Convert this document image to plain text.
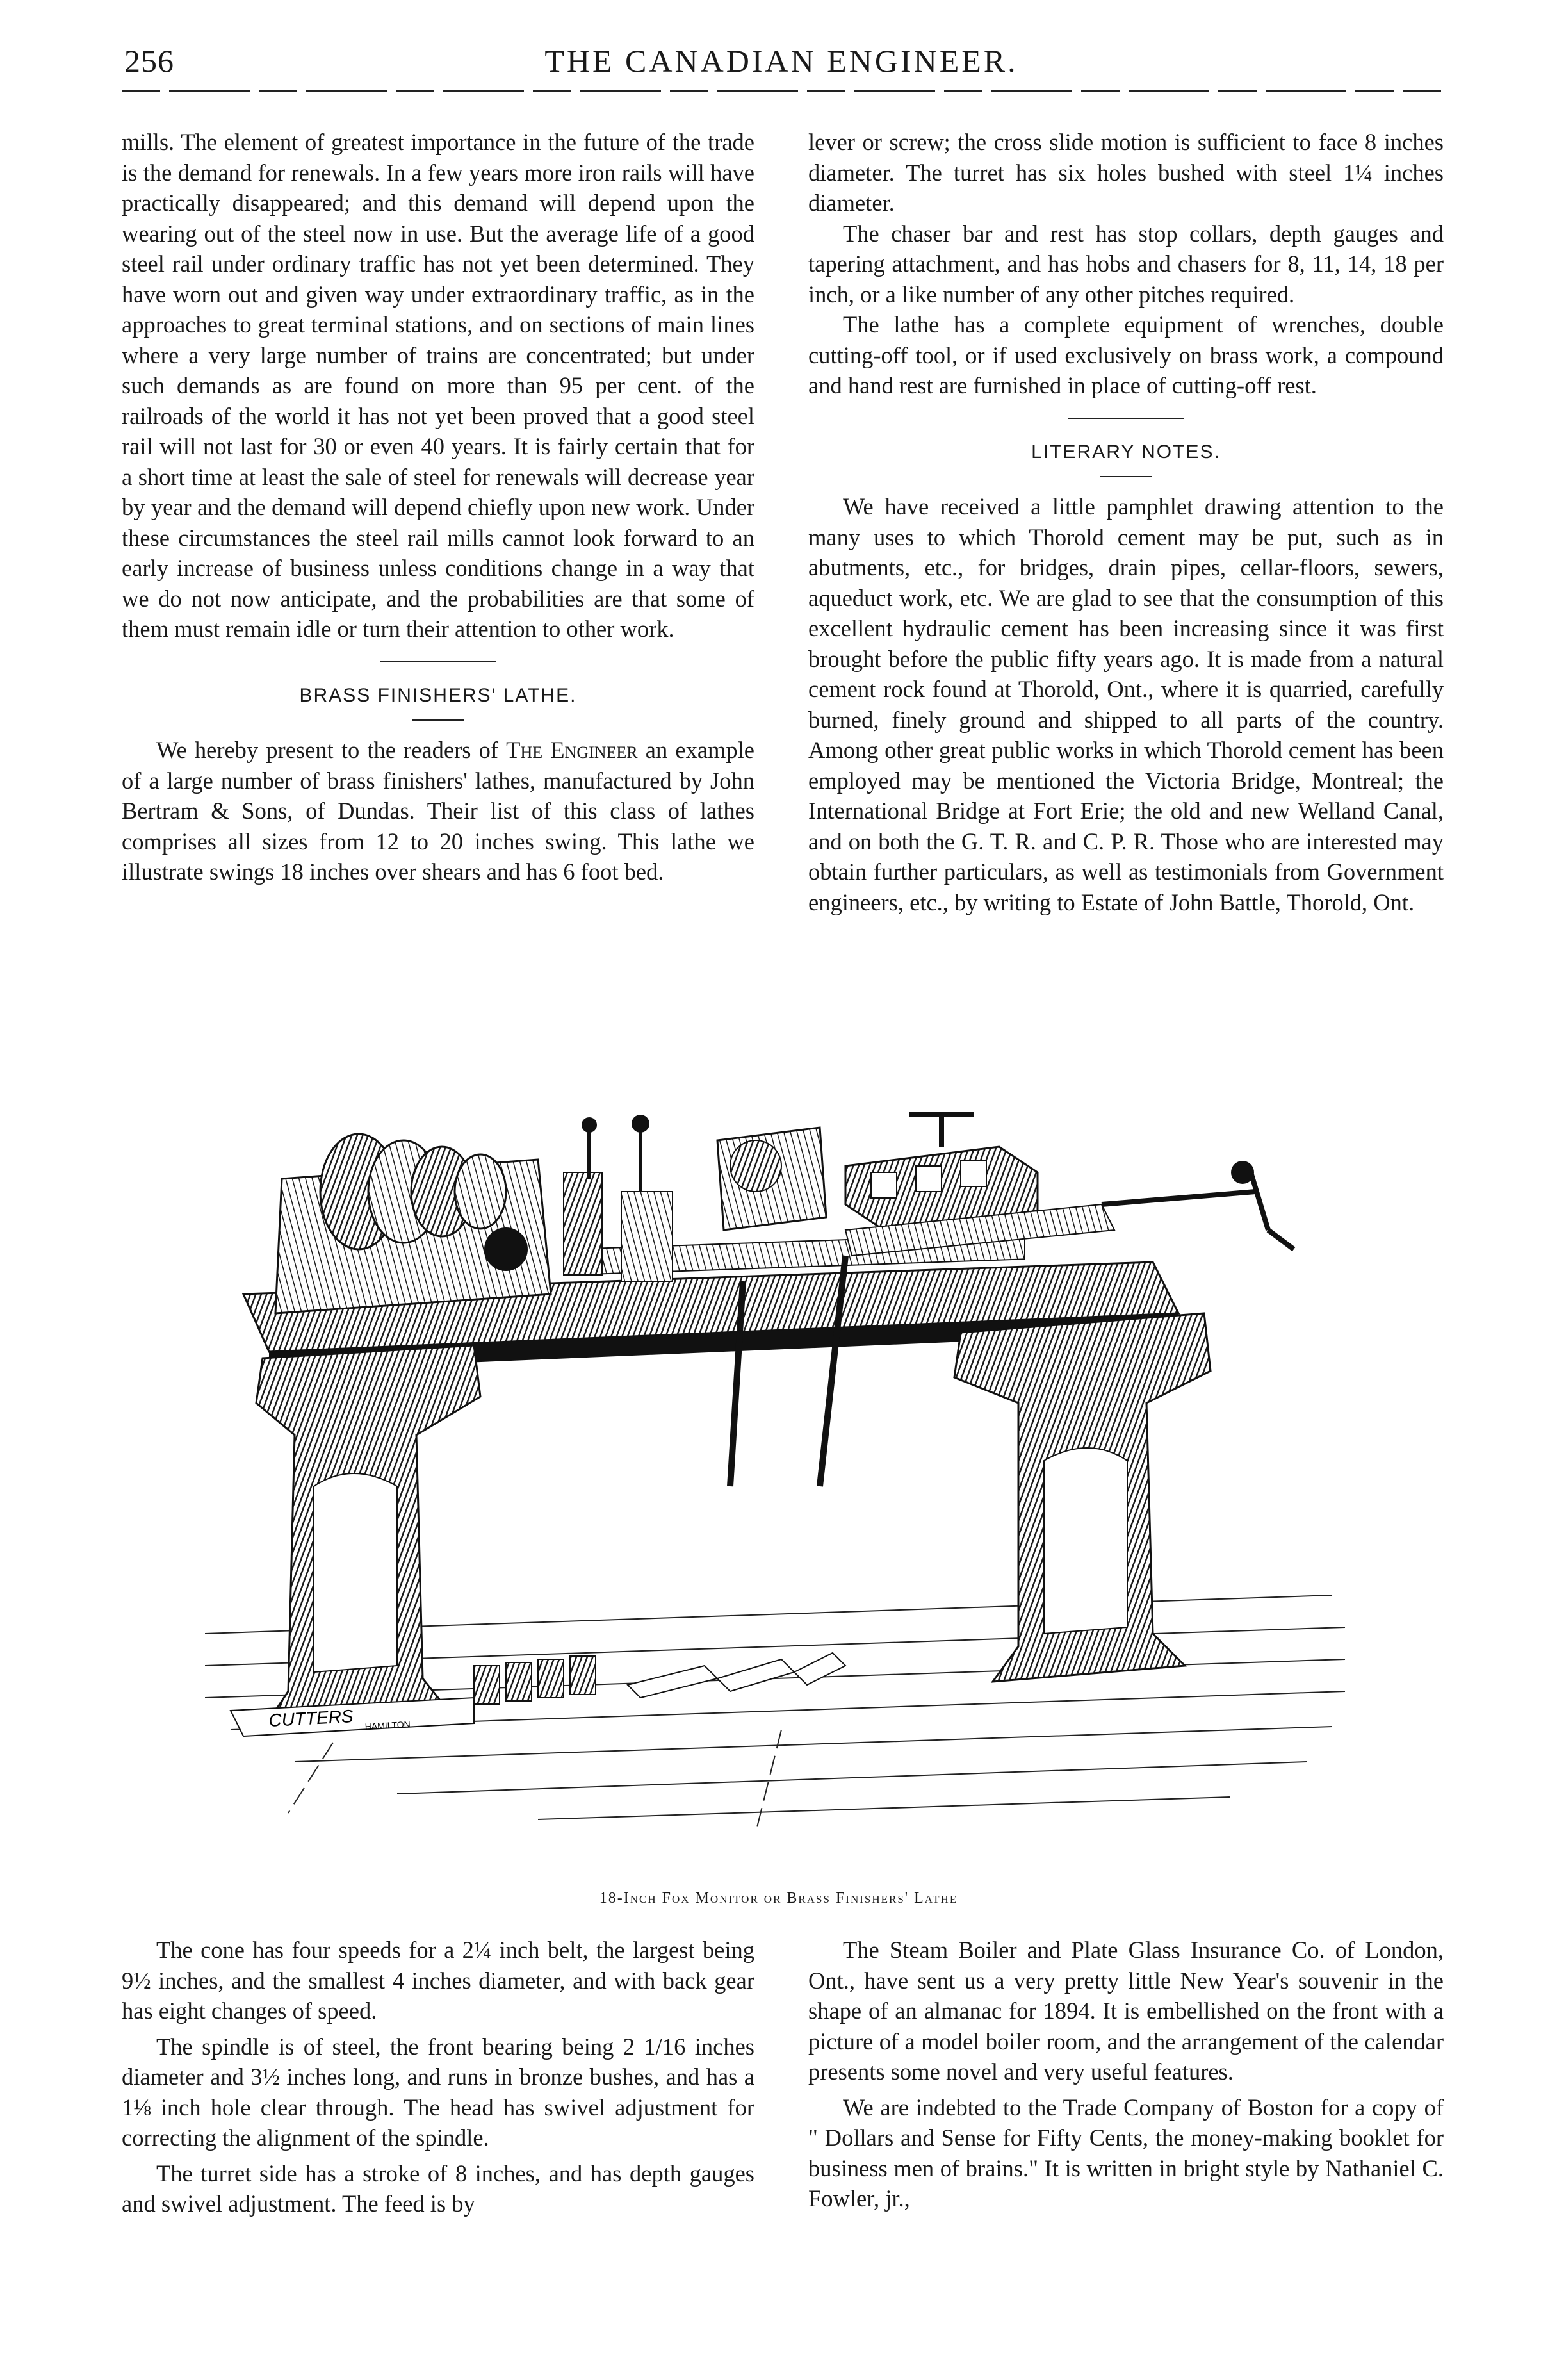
256	THE CANADIAN ENGINEER.

mills. The element of greatest importance in the future of the trade is the demand for renewals. In a few years more iron rails will have practically disappeared; and this demand will depend upon the wearing out of the steel now in use. But the average life of a good steel rail under ordinary traffic has not yet been determined. They have worn out and given way under extraordinary traffic, as in the approaches to great terminal stations, and on sections of main lines where a very large number of trains are concentrated; but under such demands as are found on more than 95 per cent. of the railroads of the world it has not yet been proved that a good steel rail will not last for 30 or even 40 years. It is fairly certain that for a short time at least the sale of steel for renewals will decrease year by year and the demand will depend chiefly upon new work. Under these circumstances the steel rail mills cannot look forward to an early increase of business unless conditions change in a way that we do not now anticipate, and the probabilities are that some of them must remain idle or turn their attention to other work.

BRASS FINISHERS' LATHE.

We hereby present to the readers of The Engineer an example of a large number of brass finishers' lathes, manufactured by John Bertram & Sons, of Dundas. Their list of this class of lathes comprises all sizes from 12 to 20 inches swing. This lathe we illustrate swings 18 inches over shears and has 6 foot bed.

lever or screw; the cross slide motion is sufficient to face 8 inches diameter. The turret has six holes bushed with steel 1¼ inches diameter.

The chaser bar and rest has stop collars, depth gauges and tapering attachment, and has hobs and chasers for 8, 11, 14, 18 per inch, or a like number of any other pitches required.

The lathe has a complete equipment of wrenches, double cutting-off tool, or if used exclusively on brass work, a compound and hand rest are furnished in place of cutting-off rest.

LITERARY NOTES.

We have received a little pamphlet drawing attention to the many uses to which Thorold cement may be put, such as in abutments, etc., for bridges, drain pipes, cellar-floors, sewers, aqueduct work, etc. We are glad to see that the consumption of this excellent hydraulic cement has been increasing since it was first brought before the public fifty years ago. It is made from a natural cement rock found at Thorold, Ont., where it is quarried, carefully burned, finely ground and shipped to all parts of the country. Among other great public works in which Thorold cement has been employed may be mentioned the Victoria Bridge, Montreal; the International Bridge at Fort Erie; the old and new Welland Canal, and on both the G. T. R. and C. P. R. Those who are interested may obtain further particulars, as well as testimonials from Government engineers, etc., by writing to Estate of John Battle, Thorold, Ont.

CUTTERS HAMILTON
18-Inch Fox Monitor or Brass Finishers' Lathe

The cone has four speeds for a 2¼ inch belt, the largest being 9½ inches, and the smallest 4 inches diameter, and with back gear has eight changes of speed.

The spindle is of steel, the front bearing being 2 1/16 inches diameter and 3½ inches long, and runs in bronze bushes, and has a 1⅛ inch hole clear through. The head has swivel adjustment for correcting the alignment of the spindle.

The turret side has a stroke of 8 inches, and has depth gauges and swivel adjustment. The feed is by

The Steam Boiler and Plate Glass Insurance Co. of London, Ont., have sent us a very pretty little New Year's souvenir in the shape of an almanac for 1894. It is embellished on the front with a picture of a model boiler room, and the arrangement of the calendar presents some novel and very useful features.

We are indebted to the Trade Company of Boston for a copy of " Dollars and Sense for Fifty Cents, the money-making booklet for business men of brains." It is written in bright style by Nathaniel C. Fowler, jr.,
